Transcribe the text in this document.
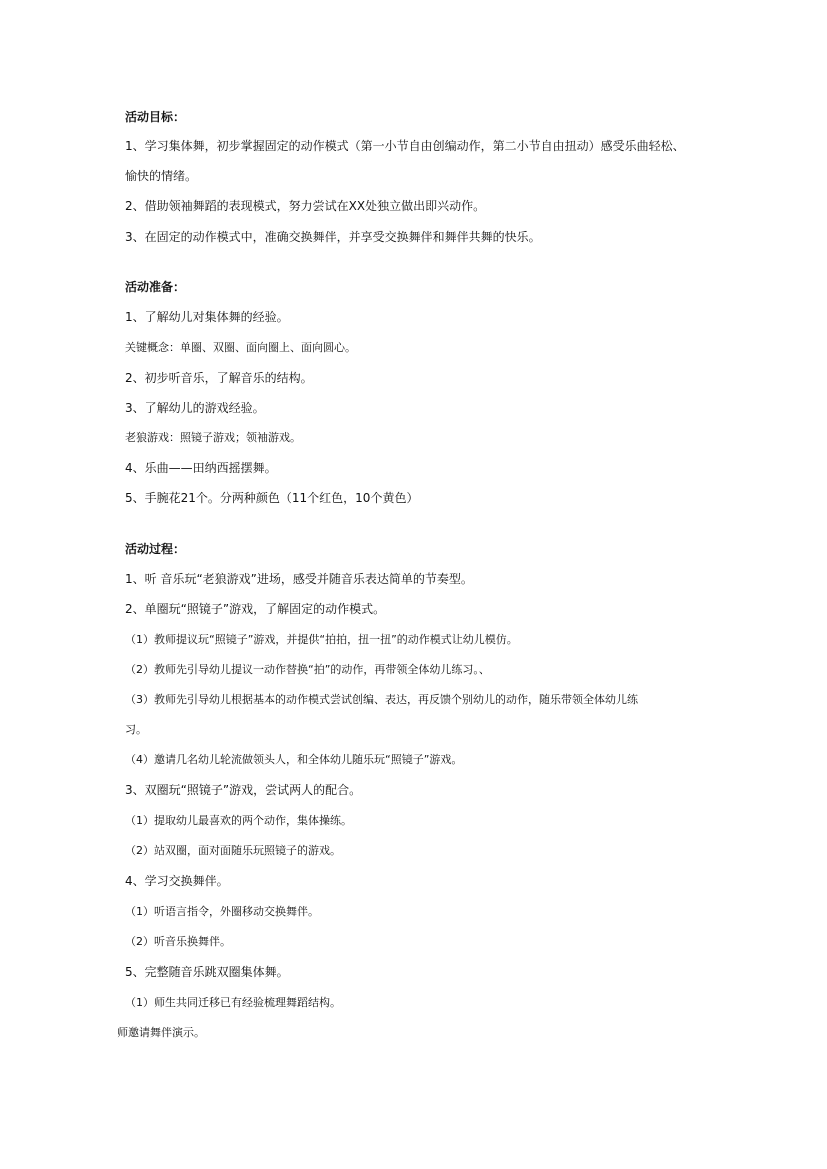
活动目标：
1、学习集体舞，初步掌握固定的动作模式（第一小节自由创编动作，第二小节自由扭动）感受乐曲轻松、
愉快的情绪。
2、借助领袖舞蹈的表现模式，努力尝试在XX处独立做出即兴动作。
3、在固定的动作模式中，准确交换舞伴，并享受交换舞伴和舞伴共舞的快乐。
活动准备：
1、了解幼儿对集体舞的经验。
关键概念：单圈、双圈、面向圈上、面向圆心。
2、初步听音乐，了解音乐的结构。
3、了解幼儿的游戏经验。
老狼游戏：照镜子游戏；领袖游戏。
4、乐曲——田纳西摇摆舞。
5、手腕花21个。分两种颜色（11个红色，10个黄色）
活动过程：
1、听 音乐玩“老狼游戏”进场，感受并随音乐表达简单的节奏型。
2、单圈玩“照镜子”游戏，了解固定的动作模式。
（1）教师提议玩“照镜子”游戏，并提供“拍拍，扭一扭”的动作模式让幼儿模仿。
（2）教师先引导幼儿提议一动作替换“拍”的动作，再带领全体幼儿练习。、
（3）教师先引导幼儿根据基本的动作模式尝试创编、表达，再反馈个别幼儿的动作，随乐带领全体幼儿练
习。
（4）邀请几名幼儿轮流做领头人，和全体幼儿随乐玩“照镜子”游戏。
3、双圈玩“照镜子”游戏，尝试两人的配合。
（1）提取幼儿最喜欢的两个动作，集体操练。
（2）站双圈，面对面随乐玩照镜子的游戏。
4、学习交换舞伴。
（1）听语言指令，外圈移动交换舞伴。
（2）听音乐换舞伴。
5、完整随音乐跳双圈集体舞。
（1）师生共同迁移已有经验梳理舞蹈结构。
师邀请舞伴演示。
